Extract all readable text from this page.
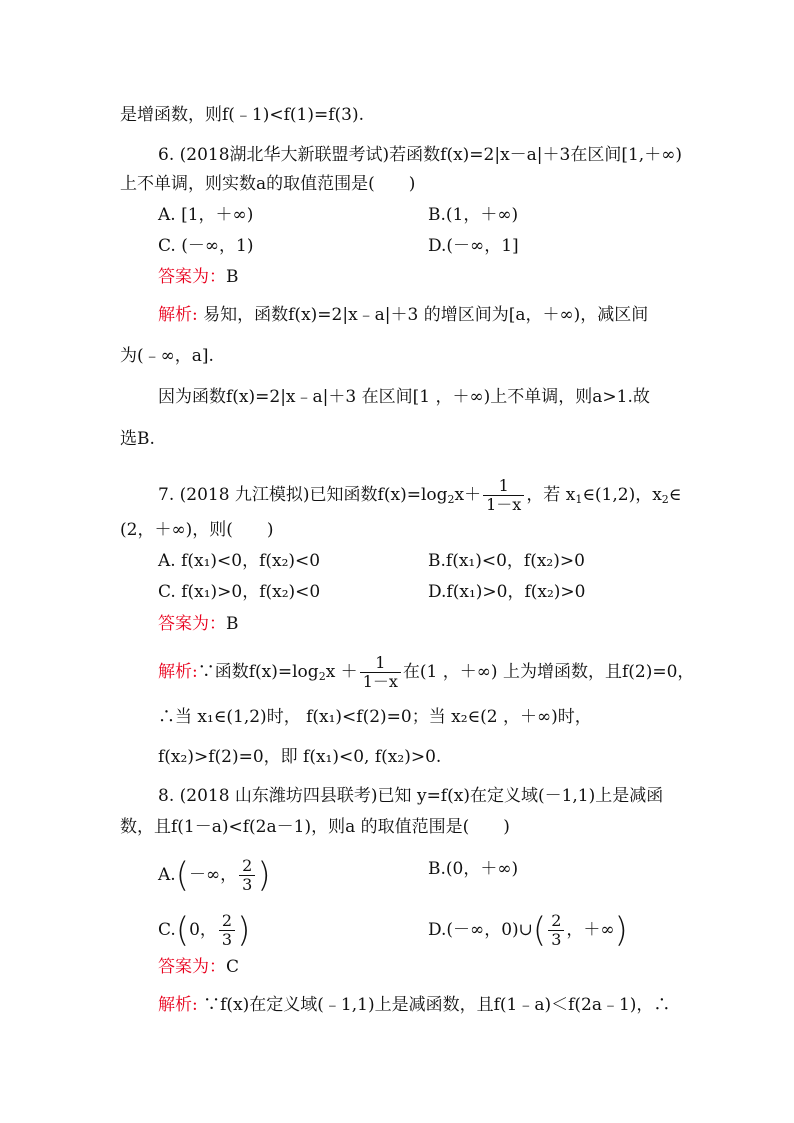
是增函数，则f(﹣1)<f(1)=f(3).
6. (2018湖北华大新联盟考试)若函数f(x)=2|x－a|＋3在区间[1,＋∞)
上不单调，则实数a的取值范围是(　　)
A. [1，＋∞)	B.(1，＋∞)
C. (－∞，1)	D.(－∞，1]
答案为：B
解析: 易知，函数f(x)=2|x﹣a|＋3 的增区间为[a，＋∞)，减区间
为(﹣∞，a].
因为函数f(x)=2|x﹣a|＋3 在区间[1 ，＋∞)上不单调，则a>1.故
选B.
7. (2018 九江模拟)已知函数$f(x)=\log_2x+ \frac{1}{1-x}$ ，若 $x_1\in(1,2)$，$x_2\in$
(2，＋∞)，则(　　)
A. f(x₁)<0，f(x₂)<0	B.f(x₁)<0，f(x₂)>0
C. f(x₁)>0，f(x₂)<0	D.f(x₁)>0，f(x₂)>0
答案为：B
解析:∵函数$f(x)=\log_2x + \frac{1}{1-x}$ 在(1 ，＋∞) 上为增函数，且f(2)=0，
∴当 x₁∈(1,2)时， f(x₁)<f(2)=0；当 x₂∈(2 ，＋∞)时，
f(x₂)>f(2)=0，即 f(x₁)<0, f(x₂)>0.
8. (2018 山东潍坊四县联考)已知 y=f(x)在定义域(－1,1)上是减函
数，且f(1－a)<f(2a－1)，则a 的取值范围是(　　)
A.(－∞， $\frac{2}{3}$ )	B.(0，＋∞)
C.(0， $\frac{2}{3}$ )	D.(－∞，0)∪( $\frac{2}{3}$ ，＋∞)
答案为：C
解析: ∵f(x)在定义域(﹣1,1)上是减函数，且f(1﹣a)＜f(2a﹣1)，∴
